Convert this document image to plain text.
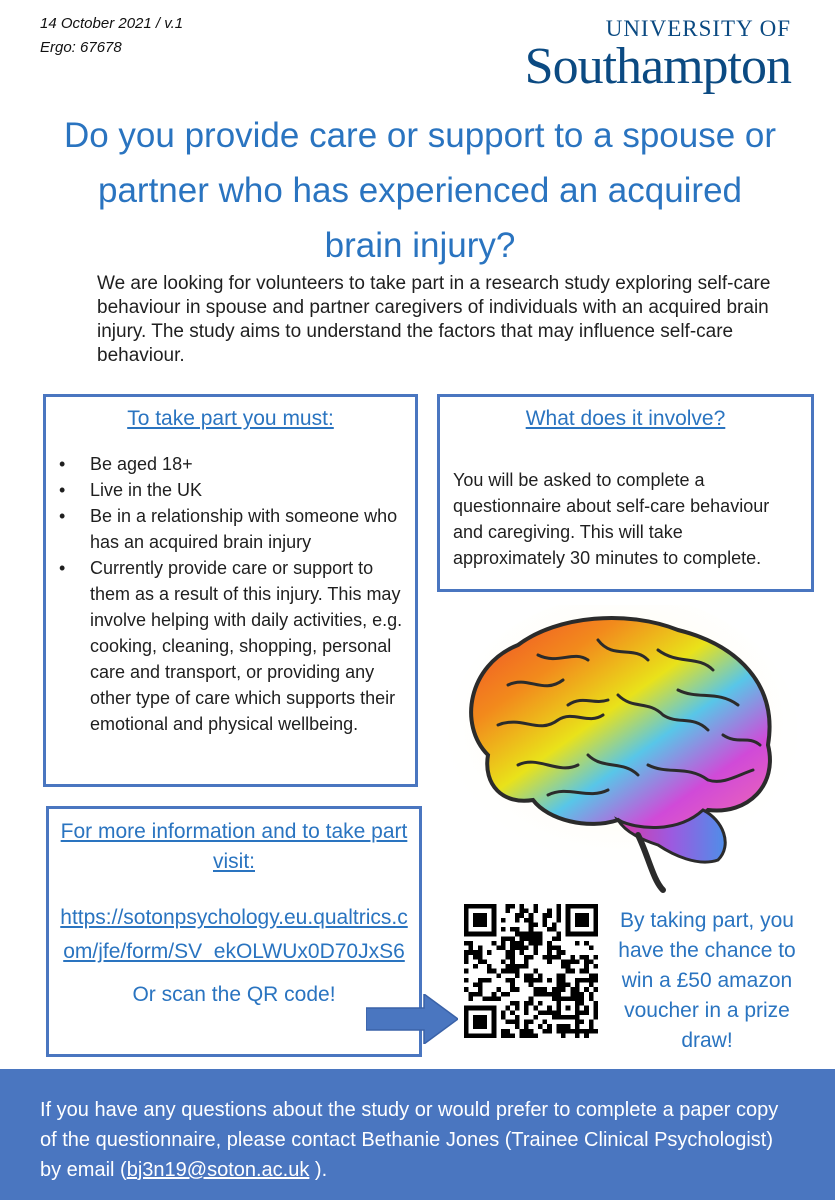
14 October 2021 / v.1
Ergo: 67678
UNIVERSITY OF
Southampton
Do you provide care or support to a spouse or partner who has experienced an acquired brain injury?

We are looking for volunteers to take part in a research study exploring self-care behaviour in spouse and partner caregivers of individuals with an acquired brain injury. The study aims to understand the factors that may influence self-care behaviour.

To take part you must:

• Be aged 18+
• Live in the UK
• Be in a relationship with someone who has an acquired brain injury
• Currently provide care or support to them as a result of this injury. This may involve helping with daily activities, e.g. cooking, cleaning, shopping, personal care and transport, or providing any other type of care which supports their emotional and physical wellbeing.

What does it involve?

You will be asked to complete a questionnaire about self-care behaviour and caregiving. This will take approximately 30 minutes to complete.

For more information and to take part visit:

https://sotonpsychology.eu.qualtrics.com/jfe/form/SV_ekOLWUx0D70JxS6

Or scan the QR code!

By taking part, you have the chance to win a £50 amazon voucher in a prize draw!

If you have any questions about the study or would prefer to complete a paper copy of the questionnaire, please contact Bethanie Jones (Trainee Clinical Psychologist) by email (bj3n19@soton.ac.uk ).
